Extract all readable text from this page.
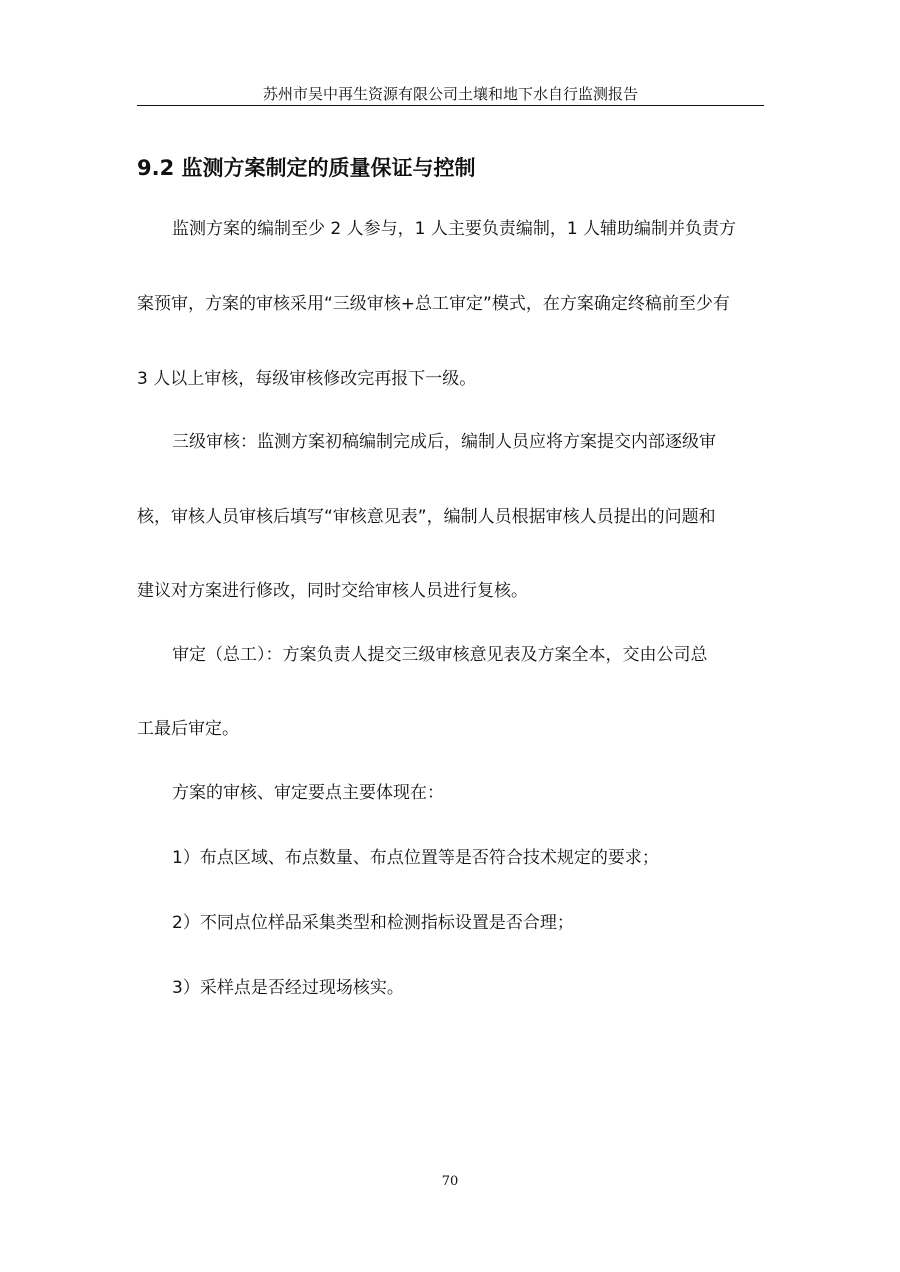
苏州市吴中再生资源有限公司土壤和地下水自行监测报告
9.2 监测方案制定的质量保证与控制
监测方案的编制至少 2 人参与，1 人主要负责编制，1 人辅助编制并负责方
案预审，方案的审核采用“三级审核+总工审定”模式，在方案确定终稿前至少有
3 人以上审核，每级审核修改完再报下一级。
三级审核：监测方案初稿编制完成后，编制人员应将方案提交内部逐级审
核，审核人员审核后填写“审核意见表”，编制人员根据审核人员提出的问题和
建议对方案进行修改，同时交给审核人员进行复核。
审定（总工）：方案负责人提交三级审核意见表及方案全本，交由公司总
工最后审定。
方案的审核、审定要点主要体现在：
1）布点区域、布点数量、布点位置等是否符合技术规定的要求；
2）不同点位样品采集类型和检测指标设置是否合理；
3）采样点是否经过现场核实。
70
